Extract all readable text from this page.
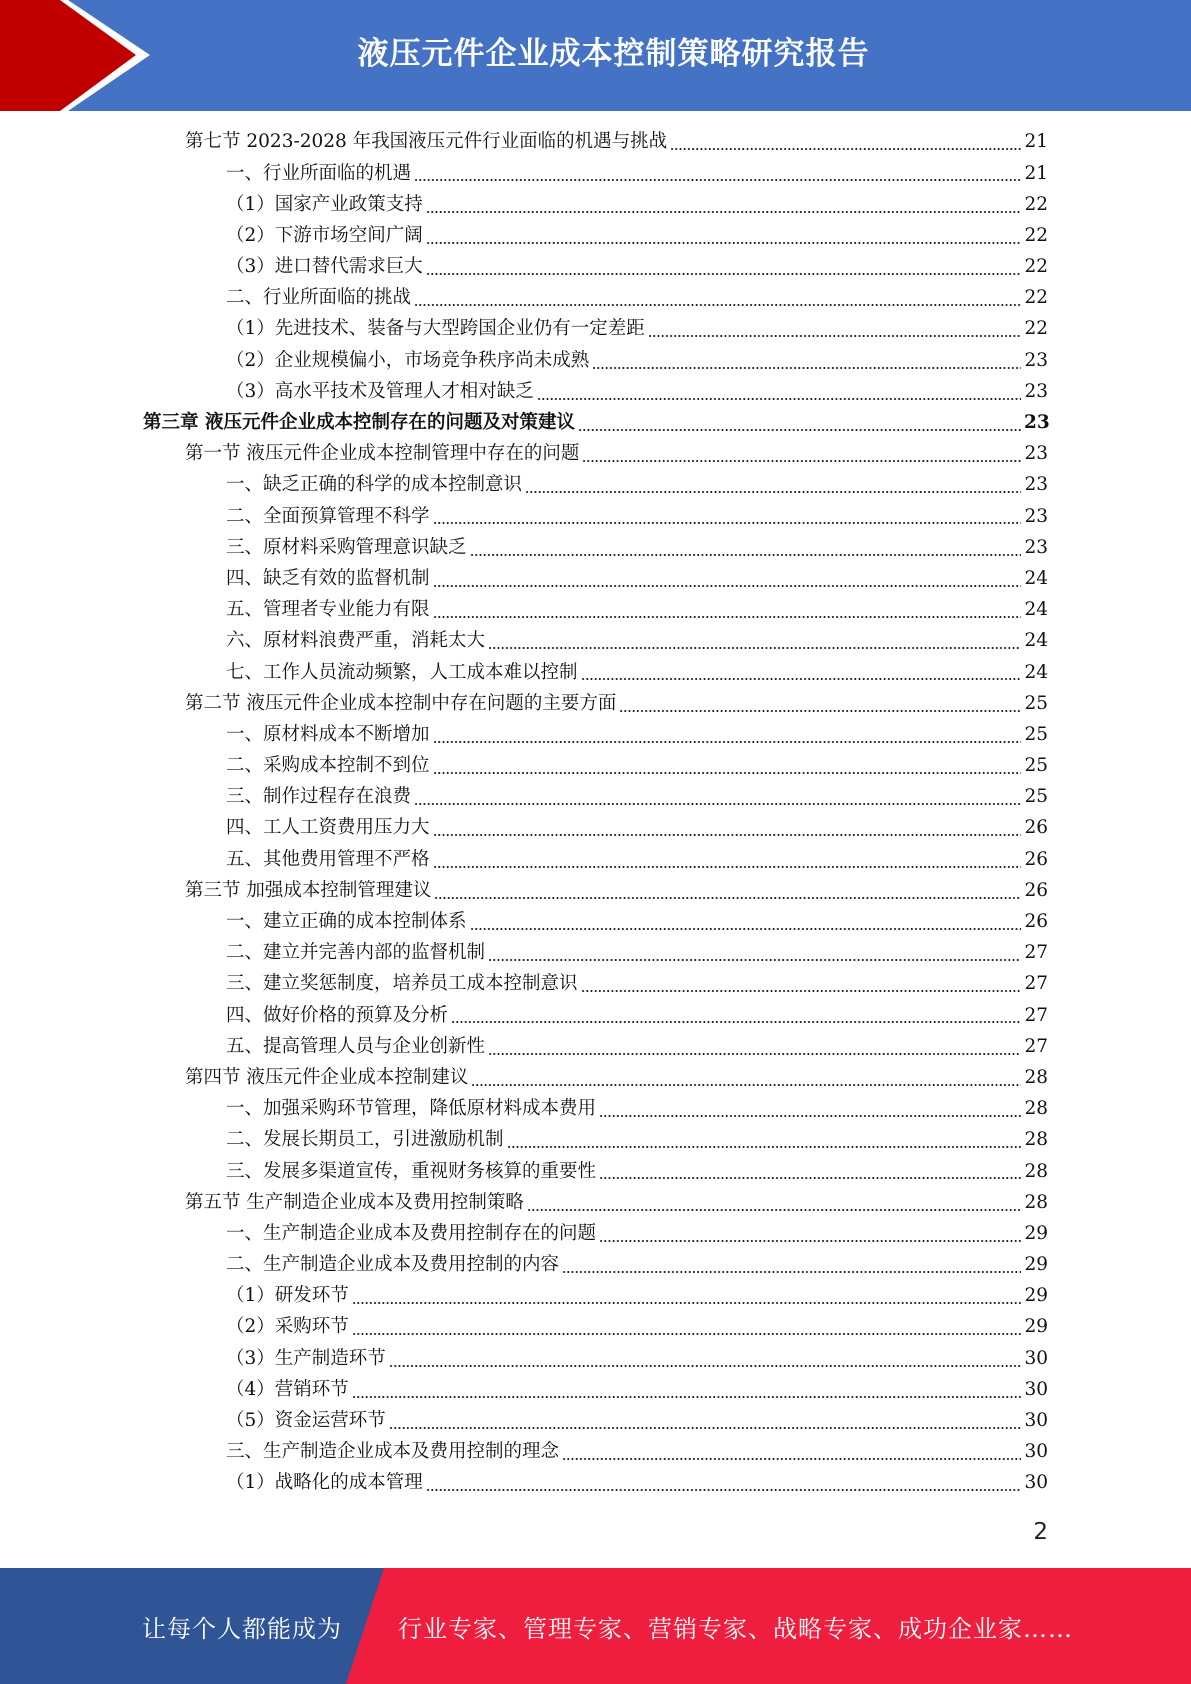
液压元件企业成本控制策略研究报告
第七节 2023-2028 年我国液压元件行业面临的机遇与挑战	21
一、行业所面临的机遇	21
（1）国家产业政策支持	22
（2）下游市场空间广阔	22
（3）进口替代需求巨大	22
二、行业所面临的挑战	22
（1）先进技术、装备与大型跨国企业仍有一定差距	22
（2）企业规模偏小，市场竞争秩序尚未成熟	23
（3）高水平技术及管理人才相对缺乏	23
第三章 液压元件企业成本控制存在的问题及对策建议	23
第一节 液压元件企业成本控制管理中存在的问题	23
一、缺乏正确的科学的成本控制意识	23
二、全面预算管理不科学	23
三、原材料采购管理意识缺乏	23
四、缺乏有效的监督机制	24
五、管理者专业能力有限	24
六、原材料浪费严重，消耗太大	24
七、工作人员流动频繁，人工成本难以控制	24
第二节 液压元件企业成本控制中存在问题的主要方面	25
一、原材料成本不断增加	25
二、采购成本控制不到位	25
三、制作过程存在浪费	25
四、工人工资费用压力大	26
五、其他费用管理不严格	26
第三节 加强成本控制管理建议	26
一、建立正确的成本控制体系	26
二、建立并完善内部的监督机制	27
三、建立奖惩制度，培养员工成本控制意识	27
四、做好价格的预算及分析	27
五、提高管理人员与企业创新性	27
第四节 液压元件企业成本控制建议	28
一、加强采购环节管理，降低原材料成本费用	28
二、发展长期员工，引进激励机制	28
三、发展多渠道宣传，重视财务核算的重要性	28
第五节 生产制造企业成本及费用控制策略	28
一、生产制造企业成本及费用控制存在的问题	29
二、生产制造企业成本及费用控制的内容	29
（1）研发环节	29
（2）采购环节	29
（3）生产制造环节	30
（4）营销环节	30
（5）资金运营环节	30
三、生产制造企业成本及费用控制的理念	30
（1）战略化的成本管理	30
2
让每个人都能成为 行业专家、管理专家、营销专家、战略专家、成功企业家……
